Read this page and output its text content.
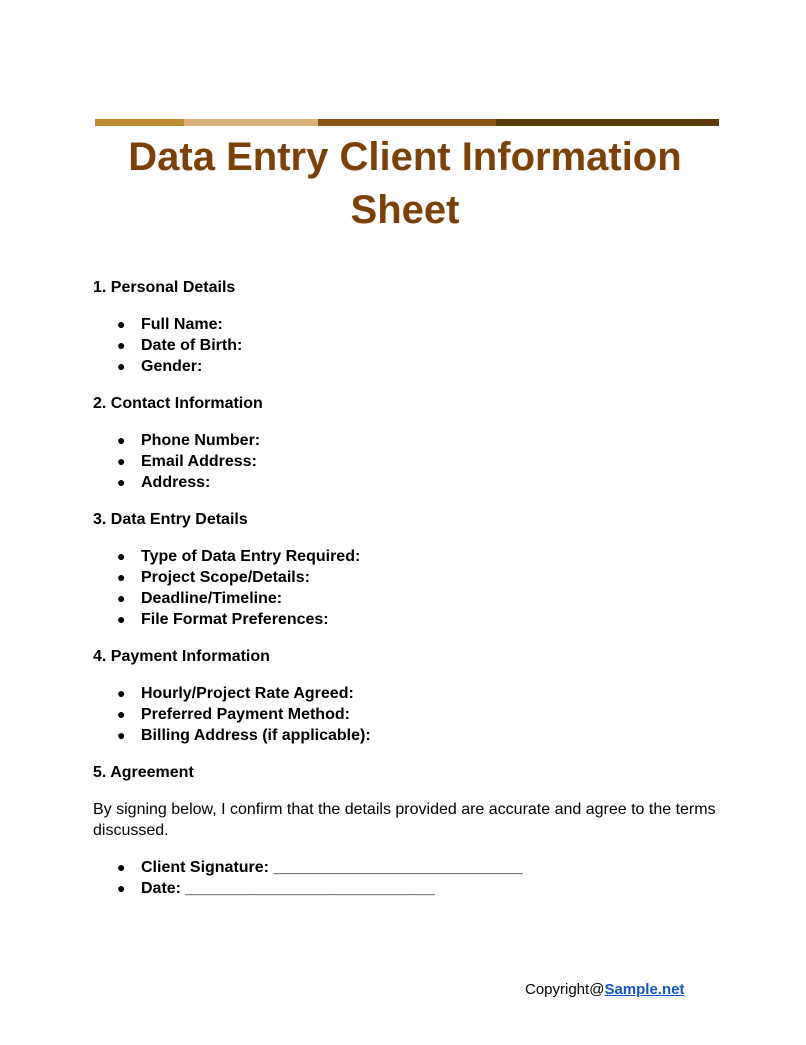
Data Entry Client Information Sheet
1. Personal Details
● Full Name:
● Date of Birth:
● Gender:
2. Contact Information
● Phone Number:
● Email Address:
● Address:
3. Data Entry Details
● Type of Data Entry Required:
● Project Scope/Details:
● Deadline/Timeline:
● File Format Preferences:
4. Payment Information
● Hourly/Project Rate Agreed:
● Preferred Payment Method:
● Billing Address (if applicable):
5. Agreement

By signing below, I confirm that the details provided are accurate and agree to the terms discussed.

● Client Signature: ____________________________
● Date: ____________________________
Copyright@Sample.net
